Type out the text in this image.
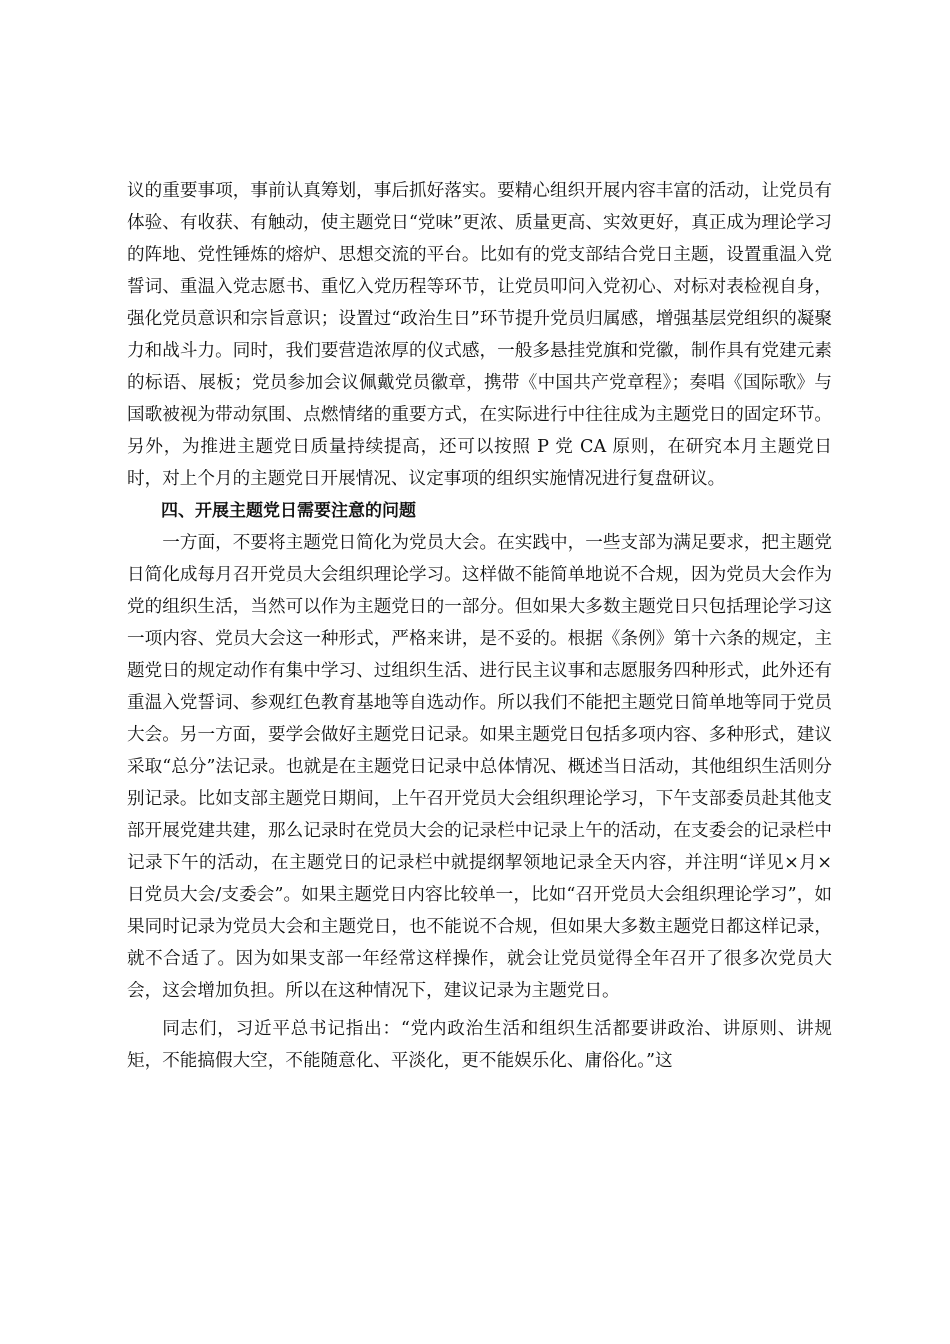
议的重要事项，事前认真筹划，事后抓好落实。要精心组织开展内容丰富的活动，让党员有体验、有收获、有触动，使主题党日“党味”更浓、质量更高、实效更好，真正成为理论学习的阵地、党性锤炼的熔炉、思想交流的平台。比如有的党支部结合党日主题，设置重温入党誓词、重温入党志愿书、重忆入党历程等环节，让党员叩问入党初心、对标对表检视自身，强化党员意识和宗旨意识；设置过“政治生日”环节提升党员归属感，增强基层党组织的凝聚力和战斗力。同时，我们要营造浓厚的仪式感，一般多悬挂党旗和党徽，制作具有党建元素的标语、展板；党员参加会议佩戴党员徽章，携带《中国共产党章程》；奏唱《国际歌》与国歌被视为带动氛围、点燃情绪的重要方式，在实际进行中往往成为主题党日的固定环节。另外，为推进主题党日质量持续提高，还可以按照 P 党 CA 原则，在研究本月主题党日时，对上个月的主题党日开展情况、议定事项的组织实施情况进行复盘研议。

四、开展主题党日需要注意的问题

一方面，不要将主题党日简化为党员大会。在实践中，一些支部为满足要求，把主题党日简化成每月召开党员大会组织理论学习。这样做不能简单地说不合规，因为党员大会作为党的组织生活，当然可以作为主题党日的一部分。但如果大多数主题党日只包括理论学习这一项内容、党员大会这一种形式，严格来讲，是不妥的。根据《条例》第十六条的规定，主题党日的规定动作有集中学习、过组织生活、进行民主议事和志愿服务四种形式，此外还有重温入党誓词、参观红色教育基地等自选动作。所以我们不能把主题党日简单地等同于党员大会。另一方面，要学会做好主题党日记录。如果主题党日包括多项内容、多种形式，建议采取“总分”法记录。也就是在主题党日记录中总体情况、概述当日活动，其他组织生活则分别记录。比如支部主题党日期间，上午召开党员大会组织理论学习，下午支部委员赴其他支部开展党建共建，那么记录时在党员大会的记录栏中记录上午的活动，在支委会的记录栏中记录下午的活动，在主题党日的记录栏中就提纲挈领地记录全天内容，并注明“详见×月×日党员大会/支委会”。如果主题党日内容比较单一，比如“召开党员大会组织理论学习”，如果同时记录为党员大会和主题党日，也不能说不合规，但如果大多数主题党日都这样记录，就不合适了。因为如果支部一年经常这样操作，就会让党员觉得全年召开了很多次党员大会，这会增加负担。所以在这种情况下，建议记录为主题党日。

同志们，习近平总书记指出：“党内政治生活和组织生活都要讲政治、讲原则、讲规矩，不能搞假大空，不能随意化、平淡化，更不能娱乐化、庸俗化。”这
